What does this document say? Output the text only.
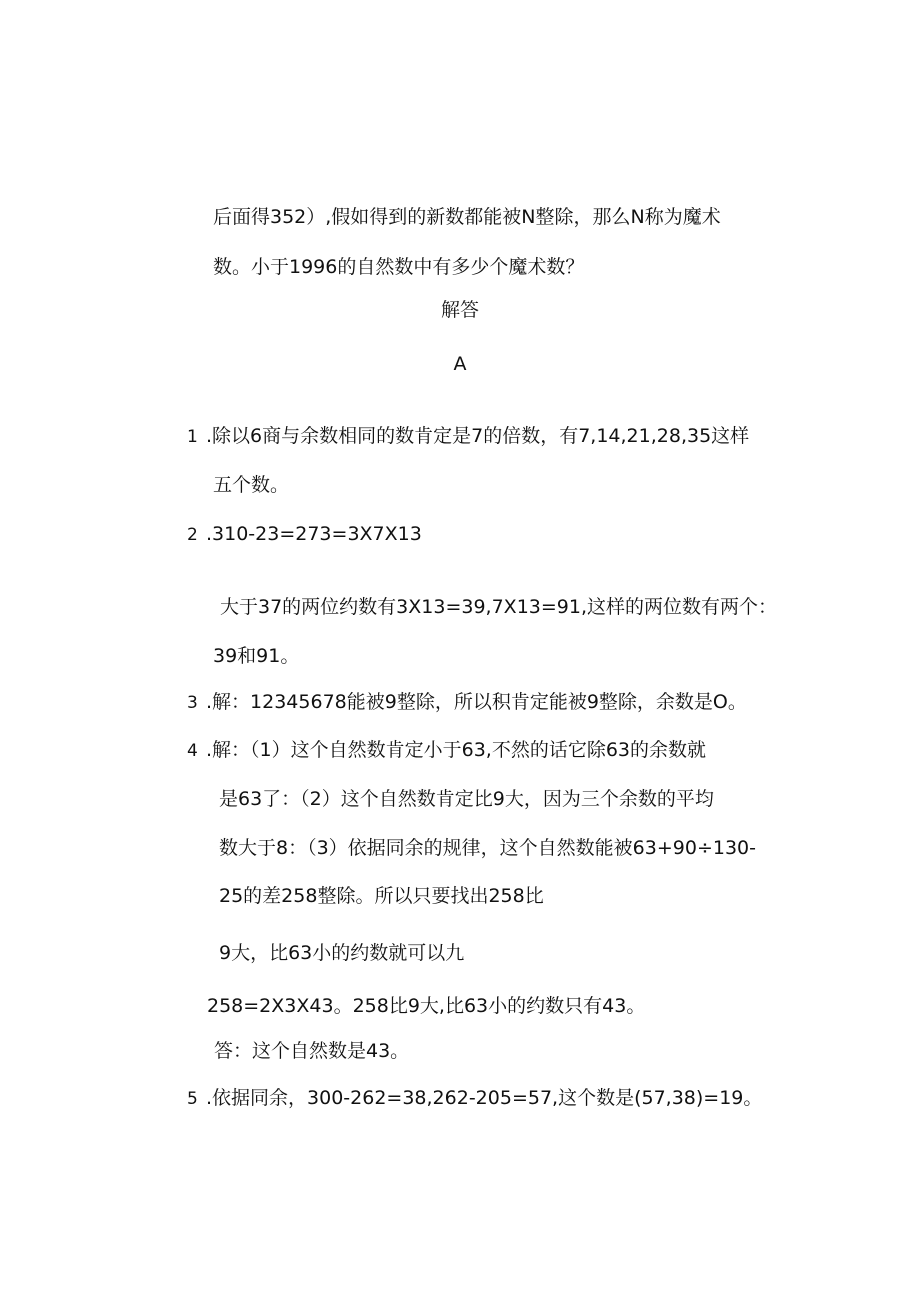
后面得352）,假如得到的新数都能被N整除，那么N称为魔术
数。小于1996的自然数中有多少个魔术数？
解答
A
1 .除以6商与余数相同的数肯定是7的倍数，有7,14,21,28,35这样
五个数。
2 .310-23=273=3X7X13
大于37的两位约数有3X13=39,7X13=91,这样的两位数有两个：
39和91。
3 .解：12345678能被9整除，所以积肯定能被9整除，余数是O。
4 .解：（1）这个自然数肯定小于63,不然的话它除63的余数就
是63了：（2）这个自然数肯定比9大，因为三个余数的平均
数大于8：（3）依据同余的规律，这个自然数能被63+90÷130-
25的差258整除。所以只要找出258比
9大，比63小的约数就可以九
258=2X3X43。258比9大,比63小的约数只有43。
答：这个自然数是43。
5 .依据同余，300-262=38,262-205=57,这个数是(57,38)=19。
